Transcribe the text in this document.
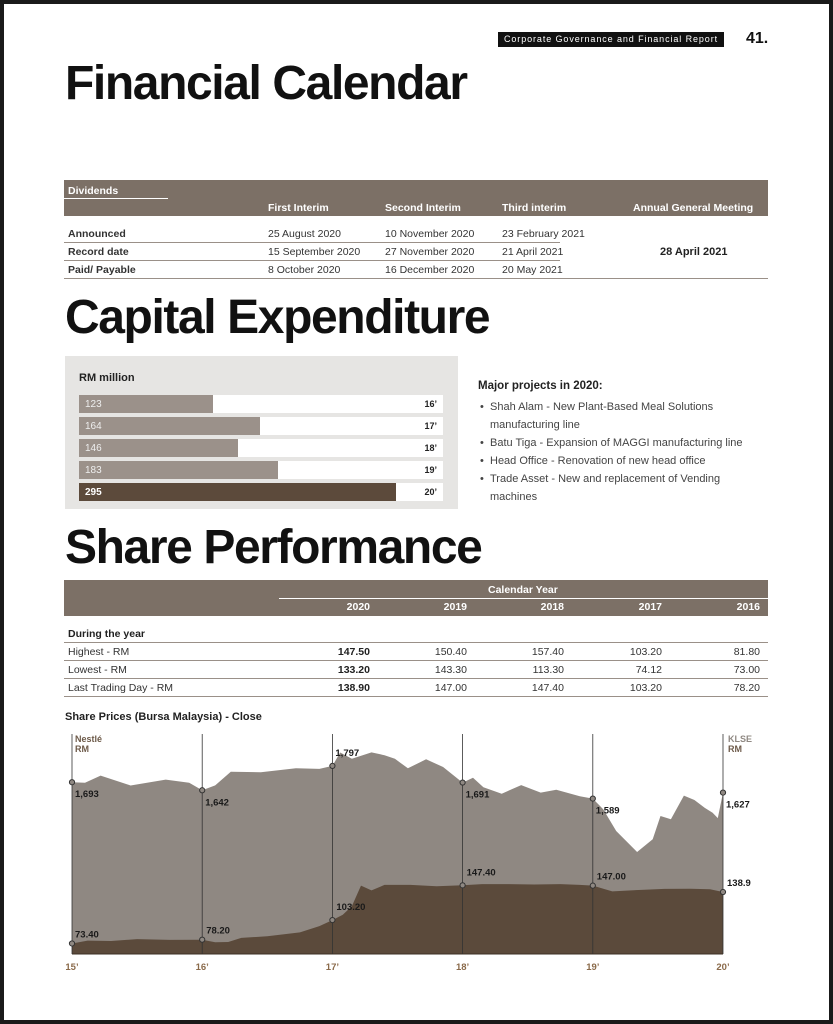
Corporate Governance and Financial Report	41.
Financial Calendar
Dividends
First Interim	Second Interim	Third interim	Annual General Meeting
Announced	25 August 2020	10 November 2020	23 February 2021
Record date	15 September 2020 27 November 2020	21 April 2021
Paid/ Payable	8 October 2020	16 December 2020	20 May 2021
28 April 2021
Capital Expenditure
RM million
123	16’
164	17’
146	18’
183	19’
295	20’
Major projects in 2020:
• Shah Alam - New Plant-Based Meal Solutions manufacturing line
• Batu Tiga - Expansion of MAGGI manufacturing line
• Head Office - Renovation of new head office
• Trade Asset - New and replacement of Vending machines
Share Performance
Calendar Year
2020	2019	2018	2017	2016
During the year
Highest - RM	147.50	150.40	157.40	103.20	81.80
Lowest - RM	133.20	143.30	113.30	74.12	73.00
Last Trading Day - RM	138.90	147.00	147.40	103.20	78.20
Share Prices (Bursa Malaysia) - Close
1,693
1,642
1,797
1,691
1,589
1,627
73.40	78.20
103.20
147.40	147.00
138.9
Nestlé
RM
KLSE
RM
15’	16’	17’	18’	19’	20’
